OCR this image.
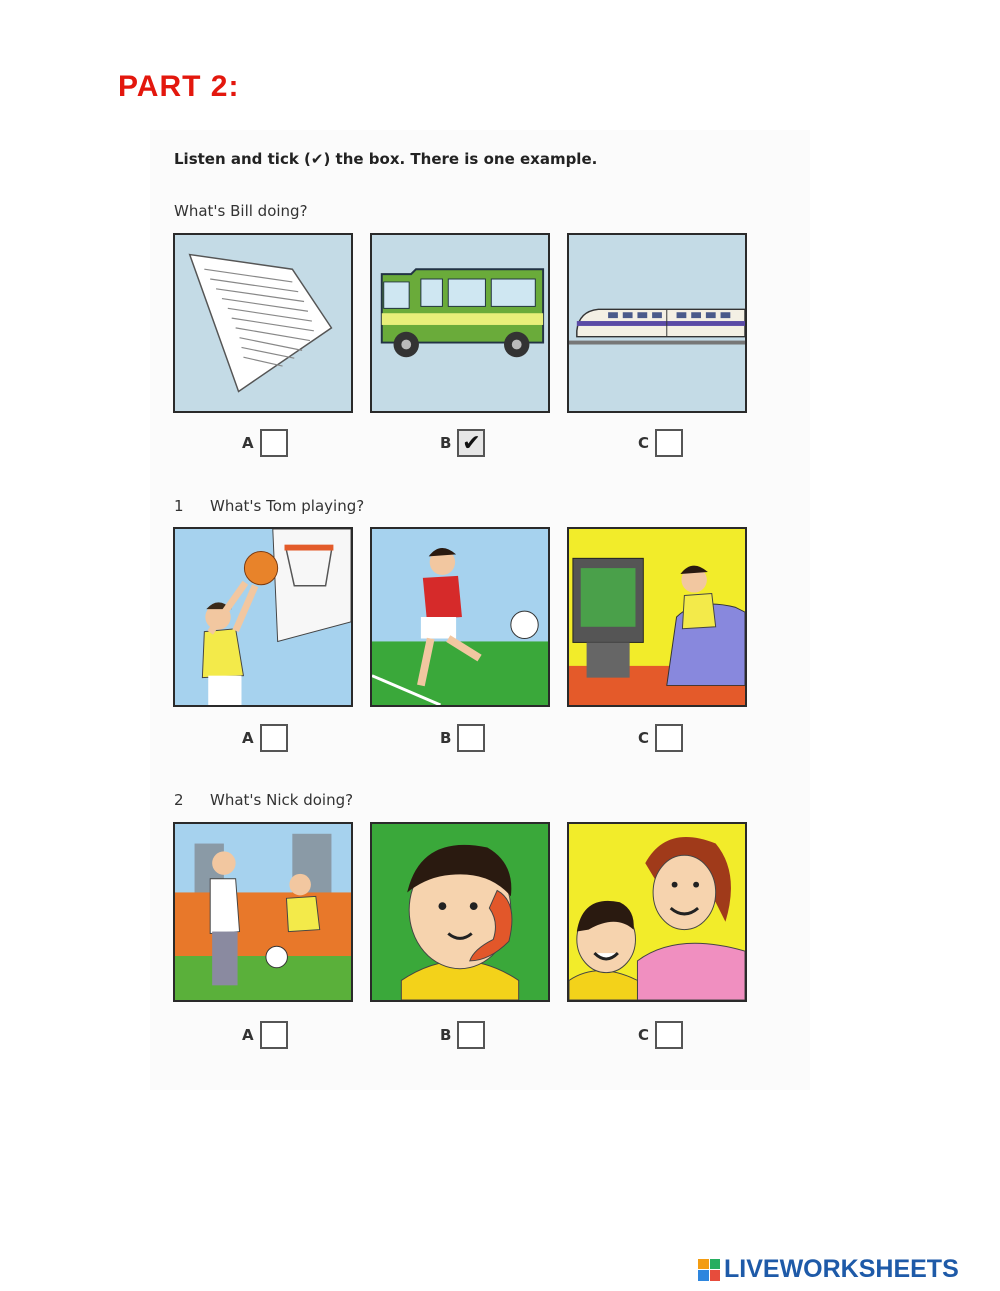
PART 2:
Listen and tick (✔) the box. There is one example.
What's Bill doing?
A	B ✔	C
1 What's Tom playing?
A	B	C
2 What's Nick doing?
A	B	C
LIVEWORKSHEETS
